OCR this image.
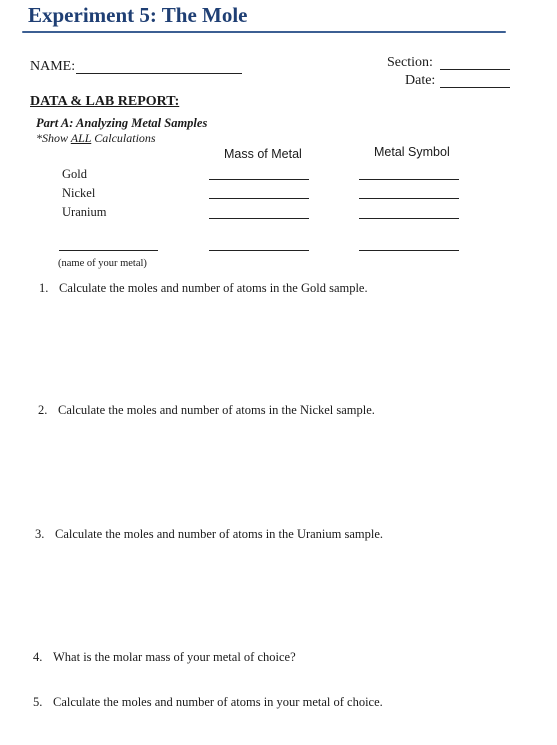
Experiment 5: The Mole
NAME:	Section:
Date:
DATA & LAB REPORT:
Part A: Analyzing Metal Samples
*Show ALL Calculations
Mass of Metal	Metal Symbol
Gold
Nickel
Uranium
(name of your metal)
1. Calculate the moles and number of atoms in the Gold sample.
2. Calculate the moles and number of atoms in the Nickel sample.
3. Calculate the moles and number of atoms in the Uranium sample.
4. What is the molar mass of your metal of choice?
5. Calculate the moles and number of atoms in your metal of choice.
